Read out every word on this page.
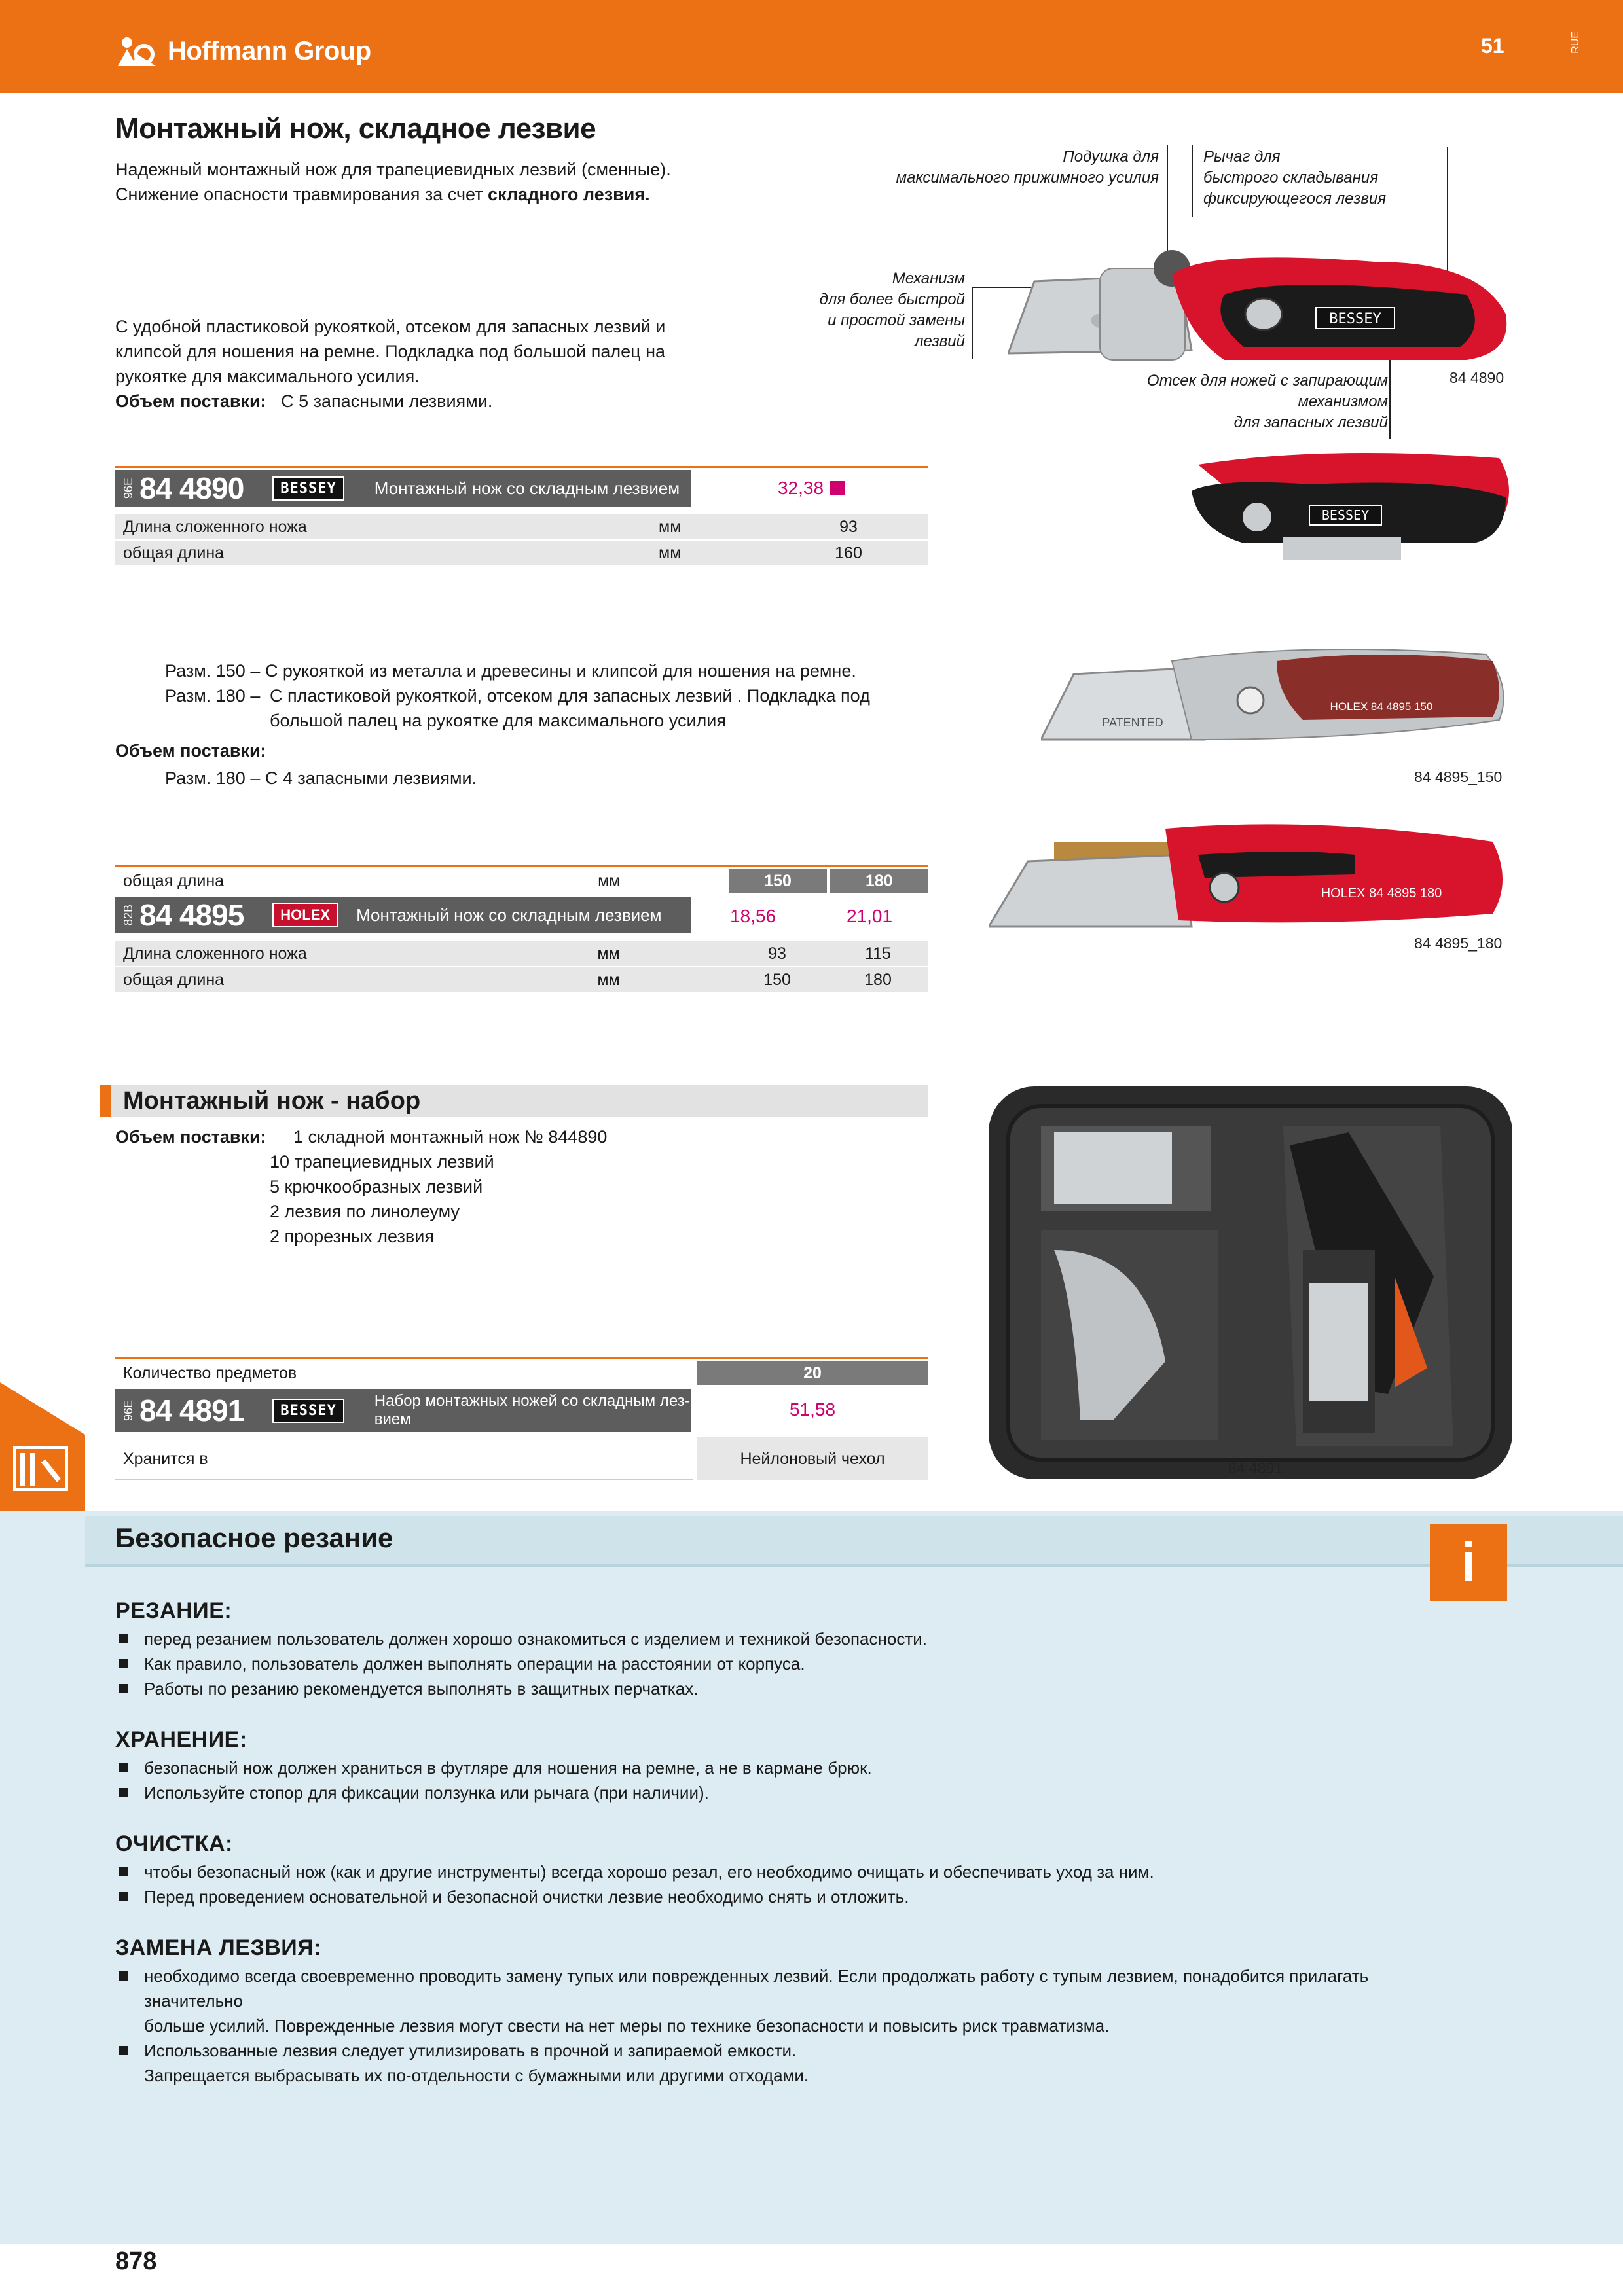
Hoffmann Group	51	RUE
Монтажный нож, складное лезвие
Надежный монтажный нож для трапециевидных лезвий (сменные).
Снижение опасности травмирования за счет складного лезвия.
С удобной пластиковой рукояткой, отсеком для запасных лезвий и
клипсой для ношения на ремне. Подкладка под большой палец на
рукоятке для максимального усилия.
Объем поставки: С 5 запасными лезвиями.
Подушка для
максимального прижимного усилия
Рычаг для
быстрого складывания
фиксирующегося лезвия
Механизм
для более быстрой
и простой замены
лезвий
Отсек для ножей с запирающим
механизмом
для запасных лезвий
84 4890
BESSEY
96E 84 4890	BESSEY	Монтажный нож со складным лезвием	32,38
Длина сложенного ножа	мм	93
общая длина	мм	160
BESSEY
Разм. 150 – С рукояткой из металла и древесины и клипсой для ношения на ремне.
Разм. 180 – С пластиковой рукояткой, отсеком для запасных лезвий . Подкладка под
большой палец на рукоятке для максимального усилия
Объем поставки:
Разм. 180 – С 4 запасными лезвиями.
PATENTED
HOLEX 84 4895 150
84 4895_150
HOLEX 84 4895 180
84 4895_180
общая длина	мм	150	180
82B 84 4895	HOLEX	Монтажный нож со складным лезвием	18,56	21,01
Длина сложенного ножа	мм	93	115
общая длина	мм	150	180
Монтажный нож - набор
Объем поставки: 1 складной монтажный нож № 844890
10 трапециевидных лезвий
5 крючкообразных лезвий
2 лезвия по линолеуму
2 прорезных лезвия
84 4891
Количество предметов	20
96E 84 4891	BESSEY
Набор монтажных ножей со складным лез-
вием	51,58
Хранится в	Нейлоновый чехол
Безопасное резание	i
РЕЗАНИЕ:
перед резанием пользователь должен хорошо ознакомиться с изделием и техникой безопасности.
Как правило, пользователь должен выполнять операции на расстоянии от корпуса.
Работы по резанию рекомендуется выполнять в защитных перчатках.
ХРАНЕНИЕ:
безопасный нож должен храниться в футляре для ношения на ремне, а не в кармане брюк.
Используйте стопор для фиксации ползунка или рычага (при наличии).
ОЧИСТКА:
чтобы безопасный нож (как и другие инструменты) всегда хорошо резал, его необходимо очищать и обеспечивать уход за ним.
Перед проведением основательной и безопасной очистки лезвие необходимо снять и отложить.
ЗАМЕНА ЛЕЗВИЯ:
необходимо всегда своевременно проводить замену тупых или поврежденных лезвий. Если продолжать работу с тупым лезвием, понадобится прилагать
значительно
больше усилий. Поврежденные лезвия могут свести на нет меры по технике безопасности и повысить риск травматизма.
Использованные лезвия следует утилизировать в прочной и запираемой емкости.
Запрещается выбрасывать их по-отдельности с бумажными или другими отходами.
878
